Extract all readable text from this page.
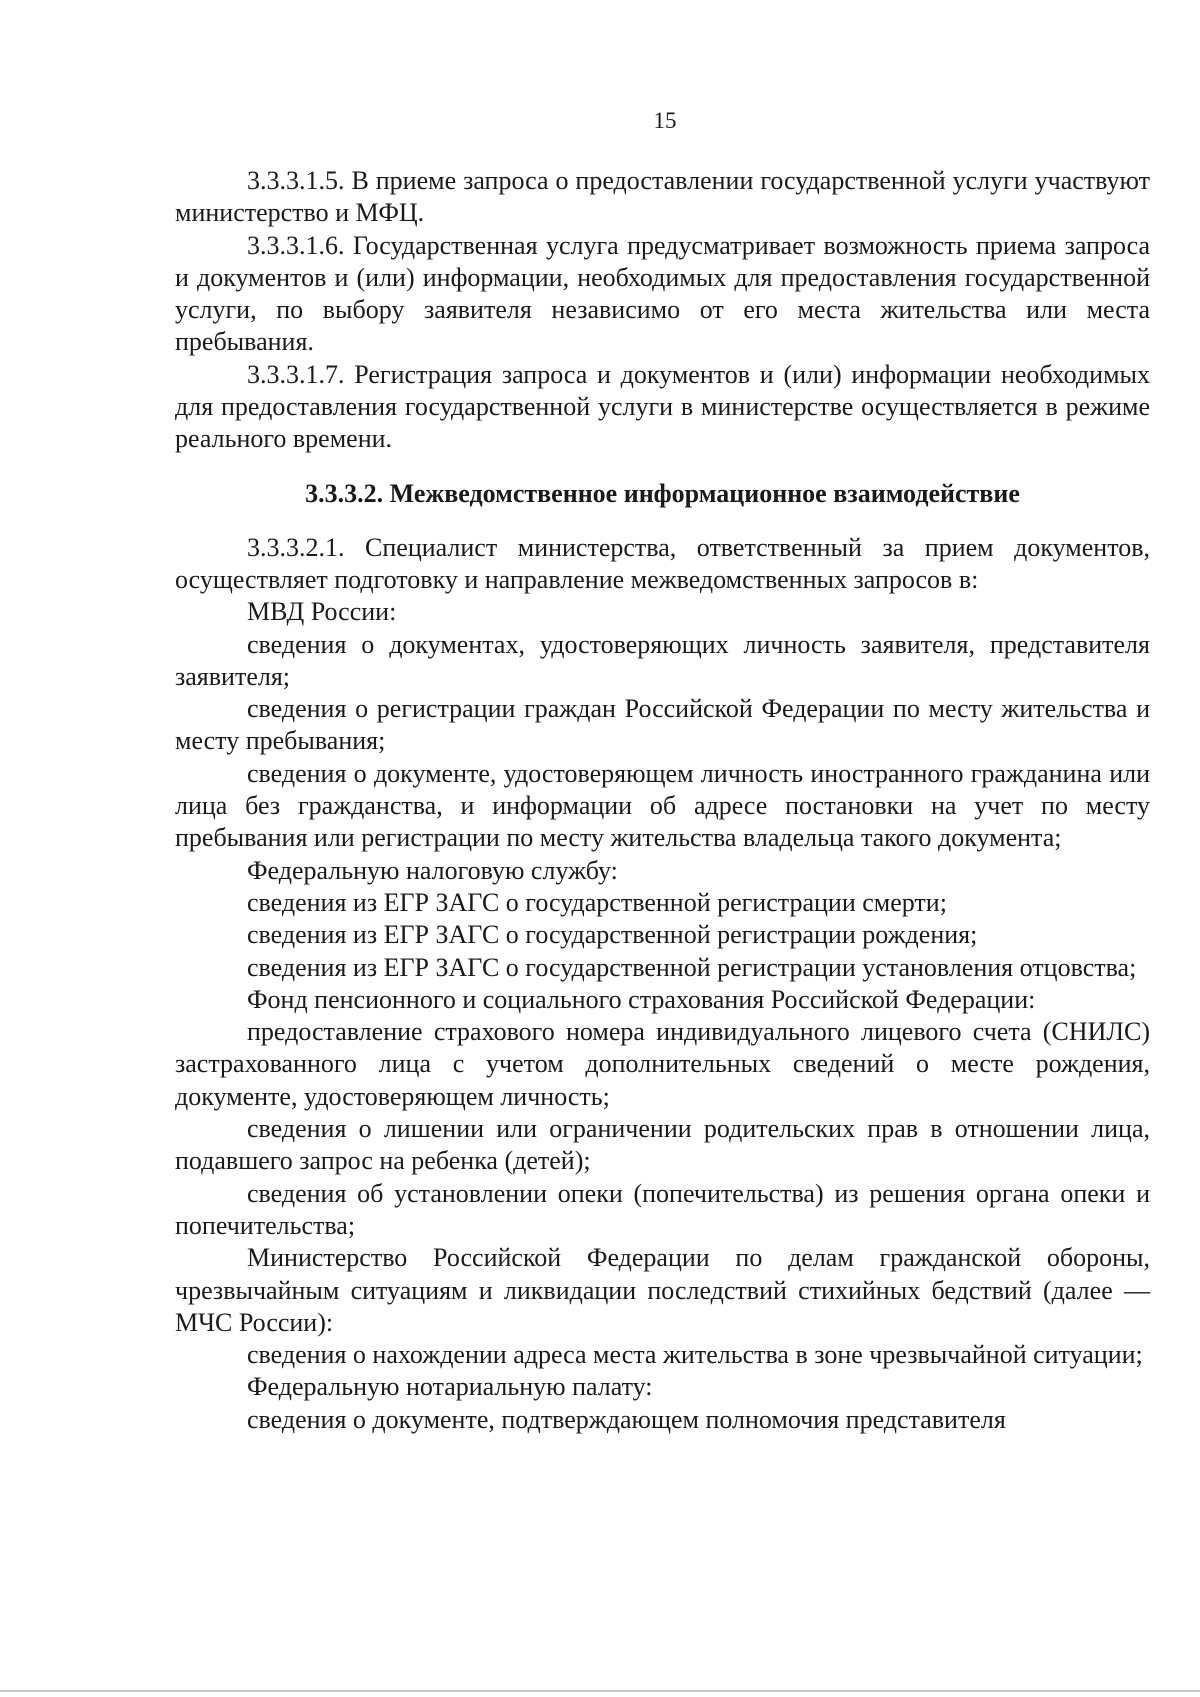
15

3.3.3.1.5. В приеме запроса о предоставлении государственной услуги участвуют министерство и МФЦ.

3.3.3.1.6. Государственная услуга предусматривает возможность приема запроса и документов и (или) информации, необходимых для предоставления государственной услуги, по выбору заявителя независимо от его места жительства или места пребывания.

3.3.3.1.7. Регистрация запроса и документов и (или) информации необходимых для предоставления государственной услуги в министерстве осуществляется в режиме реального времени.

3.3.3.2. Межведомственное информационное взаимодействие

3.3.3.2.1. Специалист министерства, ответственный за прием документов, осуществляет подготовку и направление межведомственных запросов в:

МВД России:

сведения о документах, удостоверяющих личность заявителя, представителя заявителя;

сведения о регистрации граждан Российской Федерации по месту жительства и месту пребывания;

сведения о документе, удостоверяющем личность иностранного гражданина или лица без гражданства, и информации об адресе постановки на учет по месту пребывания или регистрации по месту жительства владельца такого документа;

Федеральную налоговую службу:

сведения из ЕГР ЗАГС о государственной регистрации смерти;

сведения из ЕГР ЗАГС о государственной регистрации рождения;

сведения из ЕГР ЗАГС о государственной регистрации установления отцовства;

Фонд пенсионного и социального страхования Российской Федерации:

предоставление страхового номера индивидуального лицевого счета (СНИЛС) застрахованного лица с учетом дополнительных сведений о месте рождения, документе, удостоверяющем личность;

сведения о лишении или ограничении родительских прав в отношении лица, подавшего запрос на ребенка (детей);

сведения об установлении опеки (попечительства) из решения органа опеки и попечительства;

Министерство Российской Федерации по делам гражданской обороны, чрезвычайным ситуациям и ликвидации последствий стихийных бедствий (далее — МЧС России):

сведения о нахождении адреса места жительства в зоне чрезвычайной ситуации;

Федеральную нотариальную палату:

сведения о документе, подтверждающем полномочия представителя
